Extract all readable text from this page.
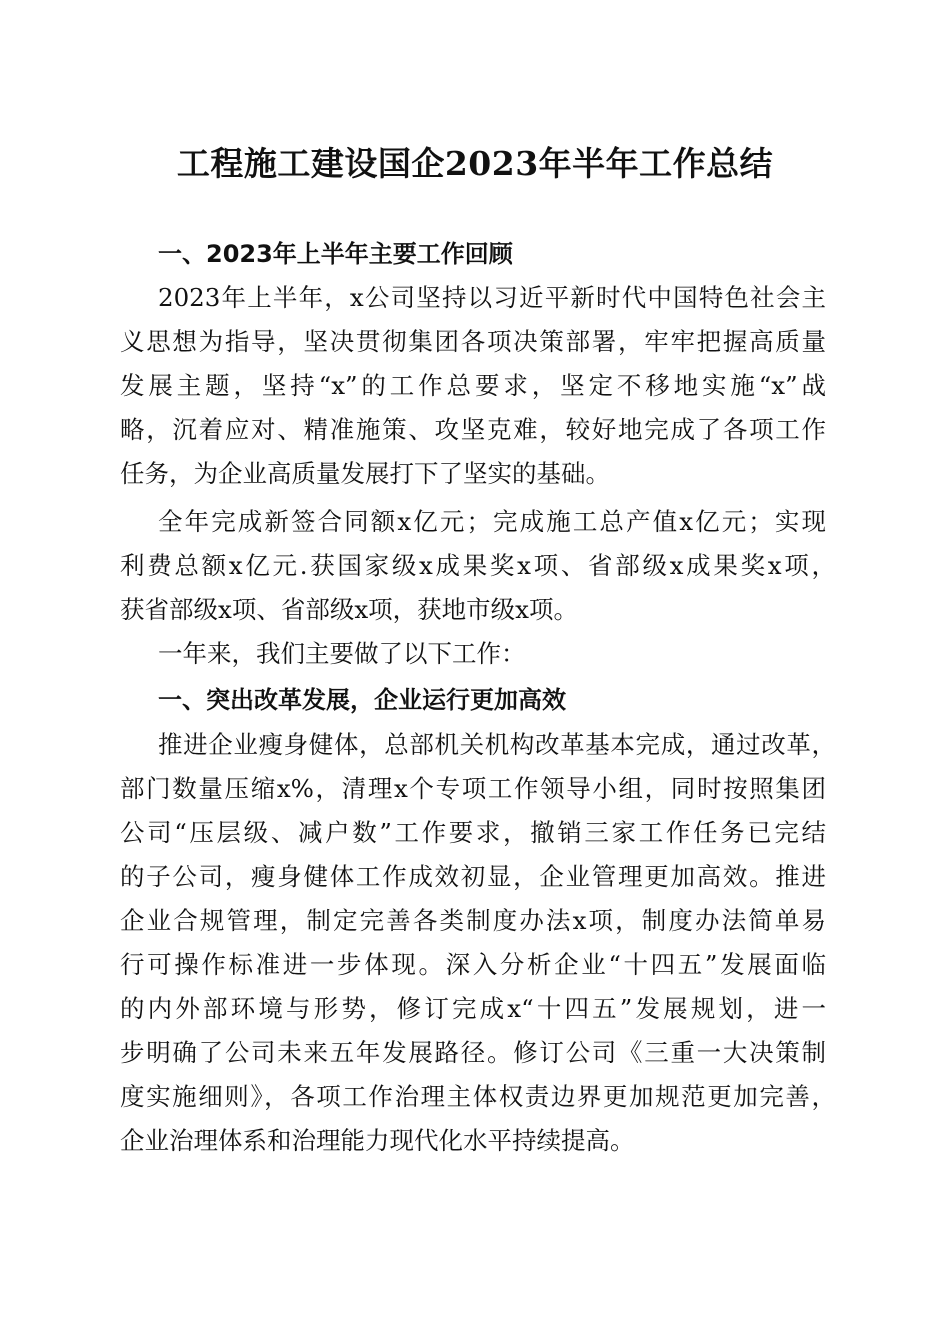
工程施工建设国企2023年半年工作总结
一、2023年上半年主要工作回顾
2023年上半年，x公司坚持以习近平新时代中国特色社会主
义思想为指导，坚决贯彻集团各项决策部署，牢牢把握高质量
发展主题，坚持“x”的工作总要求，坚定不移地实施“x”战
略，沉着应对、精准施策、攻坚克难，较好地完成了各项工作
任务，为企业高质量发展打下了坚实的基础。
全年完成新签合同额x亿元；完成施工总产值x亿元；实现
利费总额x亿元.获国家级x成果奖x项、省部级x成果奖x项，
获省部级x项、省部级x项，获地市级x项。
一年来，我们主要做了以下工作：
一、突出改革发展，企业运行更加高效
推进企业瘦身健体，总部机关机构改革基本完成，通过改革，
部门数量压缩x%，清理x个专项工作领导小组，同时按照集团
公司“压层级、减户数”工作要求，撤销三家工作任务已完结
的子公司，瘦身健体工作成效初显，企业管理更加高效。推进
企业合规管理，制定完善各类制度办法x项，制度办法简单易
行可操作标准进一步体现。深入分析企业“十四五”发展面临
的内外部环境与形势，修订完成x“十四五”发展规划，进一
步明确了公司未来五年发展路径。修订公司《三重一大决策制
度实施细则》，各项工作治理主体权责边界更加规范更加完善，
企业治理体系和治理能力现代化水平持续提高。
